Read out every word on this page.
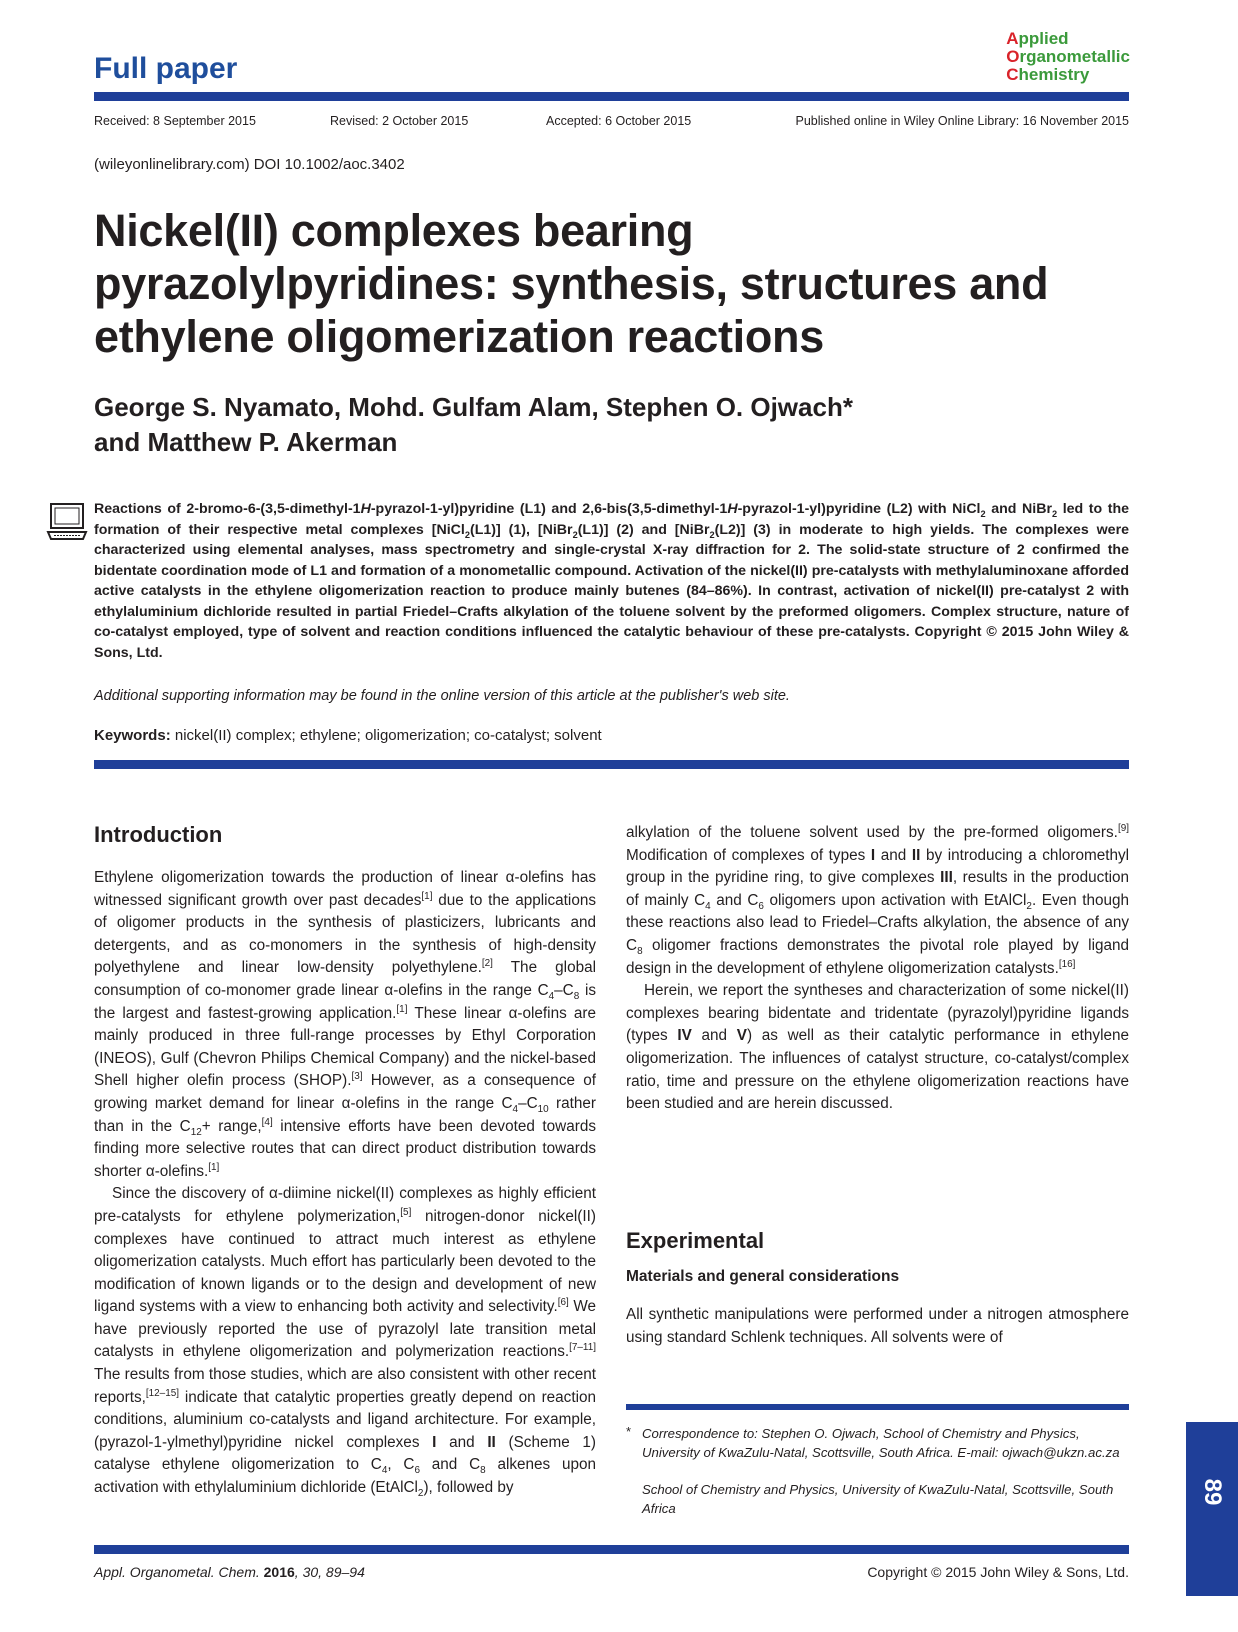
Full paper
Applied
Organometallic
Chemistry
Received: 8 September 2015	Revised: 2 October 2015	Accepted: 6 October 2015	Published online in Wiley Online Library: 16 November 2015
(wileyonlinelibrary.com) DOI 10.1002/aoc.3402
Nickel(II) complexes bearing pyrazolylpyridines: synthesis, structures and ethylene oligomerization reactions
George S. Nyamato, Mohd. Gulfam Alam, Stephen O. Ojwach*
and Matthew P. Akerman
Reactions of 2-bromo-6-(3,5-dimethyl-1H-pyrazol-1-yl)pyridine (L1) and 2,6-bis(3,5-dimethyl-1H-pyrazol-1-yl)pyridine (L2) with NiCl$_2$ and NiBr$_2$ led to the formation of their respective metal complexes [NiCl$_2$(L1)] (1), [NiBr$_2$(L1)] (2) and [NiBr$_2$(L2)] (3) in moderate to high yields. The complexes were characterized using elemental analyses, mass spectrometry and single-crystal X-ray diffraction for 2. The solid-state structure of 2 confirmed the bidentate coordination mode of L1 and formation of a monometallic compound. Activation of the nickel(II) pre-catalysts with methylaluminoxane afforded active catalysts in the ethylene oligomerization reaction to produce mainly butenes (84–86%). In contrast, activation of nickel(II) pre-catalyst 2 with ethylaluminium dichloride resulted in partial Friedel–Crafts alkylation of the toluene solvent by the preformed oligomers. Complex structure, nature of co-catalyst employed, type of solvent and reaction conditions influenced the catalytic behaviour of these pre-catalysts. Copyright © 2015 John Wiley & Sons, Ltd.
Additional supporting information may be found in the online version of this article at the publisher's web site.
Keywords: nickel(II) complex; ethylene; oligomerization; co-catalyst; solvent
Introduction

Ethylene oligomerization towards the production of linear α-olefins has witnessed significant growth over past decades[1] due to the applications of oligomer products in the synthesis of plasticizers, lubricants and detergents, and as co-monomers in the synthesis of high-density polyethylene and linear low-density polyethylene.[2] The global consumption of co-monomer grade linear α-olefins in the range $C_4-C_8$ is the largest and fastest-growing application.[1] These linear α-olefins are mainly produced in three full-range processes by Ethyl Corporation (INEOS), Gulf (Chevron Philips Chemical Company) and the nickel-based Shell higher olefin process (SHOP).[3] However, as a consequence of growing market demand for linear α-olefins in the range $C_4-C_{10}$ rather than in the $C_{12}+$ range,[4] intensive efforts have been devoted towards finding more selective routes that can direct product distribution towards shorter α-olefins.[1]

Since the discovery of α-diimine nickel(II) complexes as highly efficient pre-catalysts for ethylene polymerization,[5] nitrogen-donor nickel(II) complexes have continued to attract much interest as ethylene oligomerization catalysts. Much effort has particularly been devoted to the modification of known ligands or to the design and development of new ligand systems with a view to enhancing both activity and selectivity.[6] We have previously reported the use of pyrazolyl late transition metal catalysts in ethylene oligomerization and polymerization reactions.[7–11] The results from those studies, which are also consistent with other recent reports,[12–15] indicate that catalytic properties greatly depend on reaction conditions, aluminium co-catalysts and ligand architecture. For example, (pyrazol-1-ylmethyl)pyridine nickel complexes I and II (Scheme 1) catalyse ethylene oligomerization to $C_4$, $C_6$ and $C_8$ alkenes upon activation with ethylaluminium dichloride (EtAlCl$_2$), followed by

alkylation of the toluene solvent used by the pre-formed oligomers.[9] Modification of complexes of types I and II by introducing a chloromethyl group in the pyridine ring, to give complexes III, results in the production of mainly $C_4$ and $C_6$ oligomers upon activation with EtAlCl$_2$. Even though these reactions also lead to Friedel–Crafts alkylation, the absence of any $C_8$ oligomer fractions demonstrates the pivotal role played by ligand design in the development of ethylene oligomerization catalysts.[16]

Herein, we report the syntheses and characterization of some nickel(II) complexes bearing bidentate and tridentate (pyrazolyl)pyridine ligands (types IV and V) as well as their catalytic performance in ethylene oligomerization. The influences of catalyst structure, co-catalyst/complex ratio, time and pressure on the ethylene oligomerization reactions have been studied and are herein discussed.

Experimental
Materials and general considerations
All synthetic manipulations were performed under a nitrogen atmosphere using standard Schlenk techniques. All solvents were of
* Correspondence to: Stephen O. Ojwach, School of Chemistry and Physics, University of KwaZulu-Natal, Scottsville, South Africa. E-mail: ojwach@ukzn.ac.za
School of Chemistry and Physics, University of KwaZulu-Natal, Scottsville, South Africa
89
Appl. Organometal. Chem. 2016, 30, 89–94	Copyright © 2015 John Wiley & Sons, Ltd.
